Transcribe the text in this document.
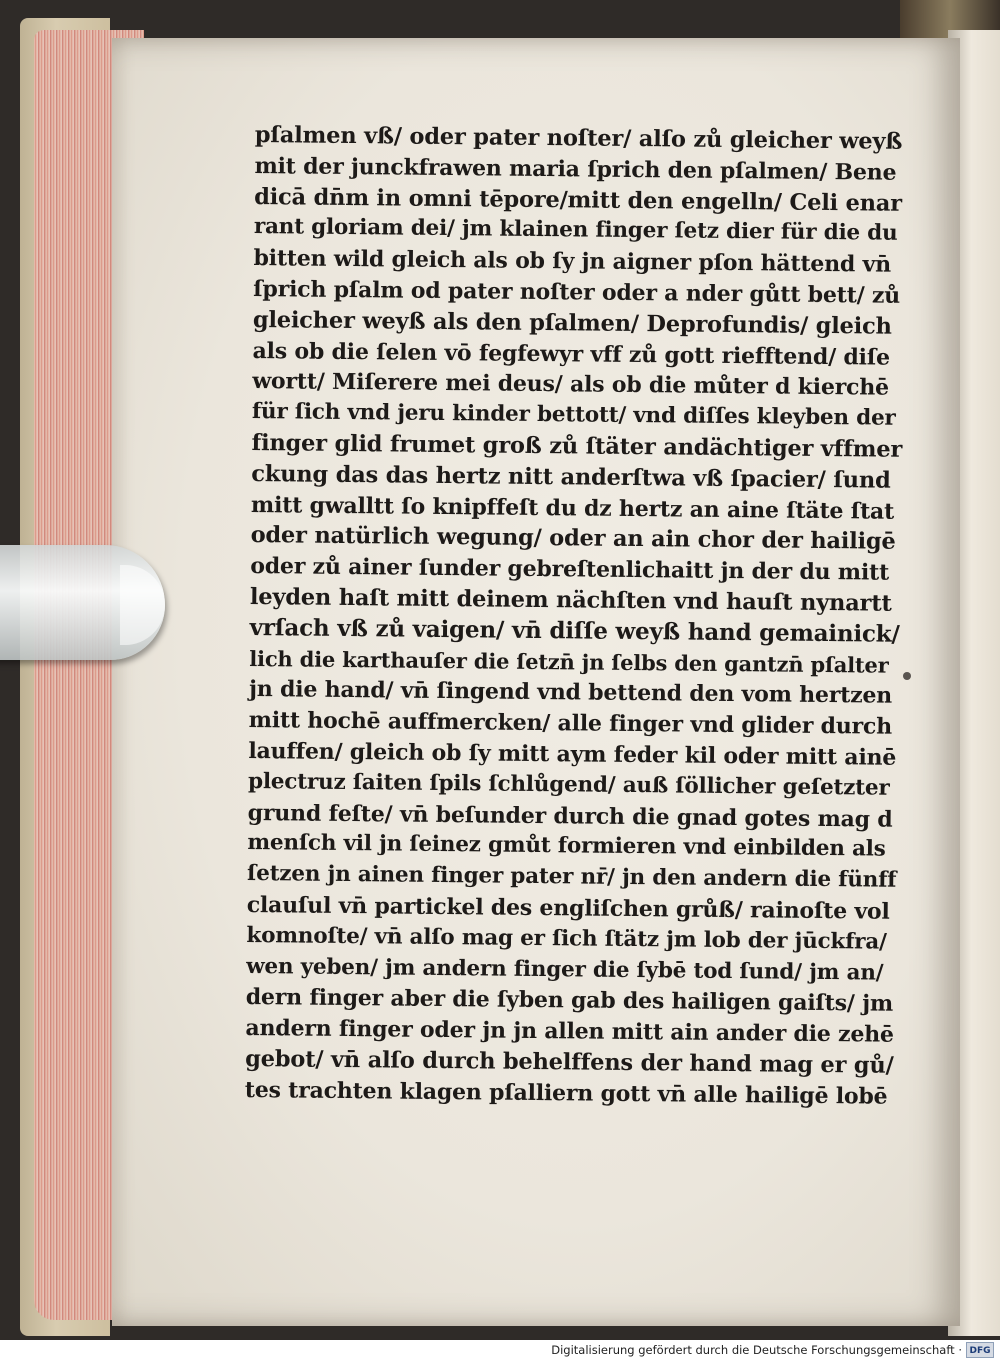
pſalmen vß/ oder pater noſter/ alſo zů gleicher weyß
mit der junckfrawen maria ſprich den pſalmen/ Bene
dicā dn̄m in omni tēpore/mitt den engelln/ Celi enar
rant gloriam dei/ jm klainen finger ſetz dier für die du
bitten wild gleich als ob ſy jn aigner pſon hättend vn̄
ſprich pſalm od pater noſter oder a nder gůtt bett/ zů
gleicher weyß als den pſalmen/ Deprofundis/ gleich
als ob die ſelen vō fegfewyr vff zů gott riefftend/ diſe
wortt/ Miſerere mei deus/ als ob die můter d kierchē
für ſich vnd jeru kinder bettott/ vnd diſſes kleyben der
finger glid frumet groß zů ſtäter andächtiger vffmer
ckung das das hertz nitt anderſtwa vß ſpacier/ ſund
mitt gwalltt ſo knipffeſt du dz hertz an aine ſtäte ſtat
oder natürlich wegung/ oder an ain chor der hailigē
oder zů ainer ſunder gebreſtenlichaitt jn der du mitt
leyden haſt mitt deinem nächſten vnd hauſt nynartt
vrſach vß zů vaigen/ vn̄ diſſe weyß hand gemainick/
lich die karthauſer die ſetzn̄ jn ſelbs den gantzn̄ pſalter
jn die hand/ vn̄ ſingend vnd bettend den vom hertzen
mitt hochē auffmercken/ alle finger vnd glider durch
lauffen/ gleich ob ſy mitt aym feder kil oder mitt ainē
plectruz ſaiten ſpils ſchlůgend/ auß ſöllicher geſetzter
grund feſte/ vn̄ beſunder durch die gnad gotes mag d
menſch vil jn ſeinez gmůt formieren vnd einbilden als
ſetzen jn ainen finger pater nr̄/ jn den andern die fünff
clauſul vn̄ partickel des engliſchen grůß/ rainoſte vol
komnoſte/ vn̄ alſo mag er ſich ſtätz jm lob der jūckfra/
wen yeben/ jm andern finger die ſybē tod ſund/ jm an/
dern finger aber die ſyben gab des hailigen gaiſts/ jm
andern finger oder jn jn allen mitt ain ander die zehē
gebot/ vn̄ alſo durch behelffens der hand mag er gů/
tes trachten klagen pſalliern gott vn̄ alle hailigē lobē
Digitalisierung gefördert durch die Deutsche Forschungsgemeinschaft · DFG
